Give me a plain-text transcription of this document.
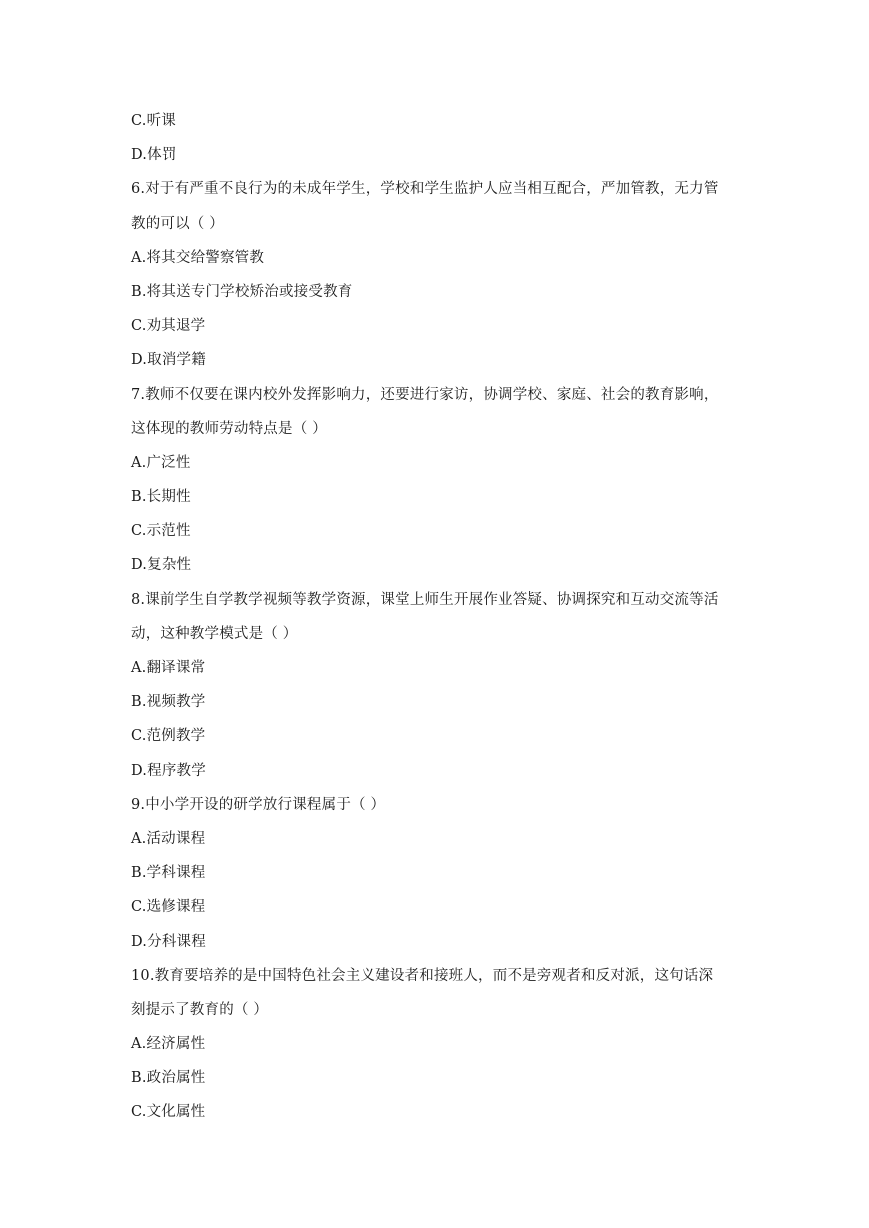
C.听课
D.体罚
6.对于有严重不良行为的未成年学生，学校和学生监护人应当相互配合，严加管教，无力管
教的可以（ ）
A.将其交给警察管教
B.将其送专门学校矫治或接受教育
C.劝其退学
D.取消学籍
7.教师不仅要在课内校外发挥影响力，还要进行家访，协调学校、家庭、社会的教育影响，
这体现的教师劳动特点是（ ）
A.广泛性
B.长期性
C.示范性
D.复杂性
8.课前学生自学教学视频等教学资源，课堂上师生开展作业答疑、协调探究和互动交流等活
动，这种教学模式是（ ）
A.翻译课常
B.视频教学
C.范例教学
D.程序教学
9.中小学开设的研学放行课程属于（ ）
A.活动课程
B.学科课程
C.选修课程
D.分科课程
10.教育要培养的是中国特色社会主义建设者和接班人，而不是旁观者和反对派，这句话深
刻提示了教育的（ ）
A.经济属性
B.政治属性
C.文化属性
